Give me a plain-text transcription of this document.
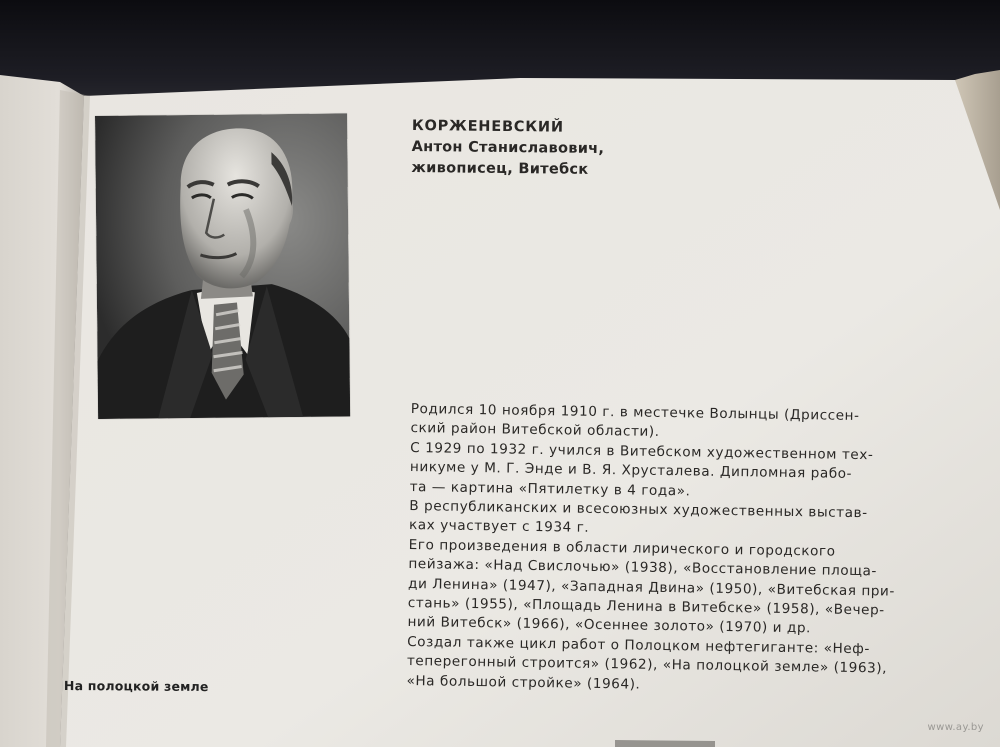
КОРЖЕНЕВСКИЙ
Антон Станиславович,
живописец, Витебск
Родился 10 ноября 1910 г. в местечке Волынцы (Дриссен-
ский район Витебской области).
С 1929 по 1932 г. учился в Витебском художественном тех-
никуме у М. Г. Энде и В. Я. Хрусталева. Дипломная рабо-
та — картина «Пятилетку в 4 года».
В республиканских и всесоюзных художественных выстав-
ках участвует с 1934 г.
Его произведения в области лирического и городского
пейзажа: «Над Свислочью» (1938), «Восстановление площа-
ди Ленина» (1947), «Западная Двина» (1950), «Витебская при-
стань» (1955), «Площадь Ленина в Витебске» (1958), «Вечер-
ний Витебск» (1966), «Осеннее золото» (1970) и др.
Создал также цикл работ о Полоцком нефтегиганте: «Неф-
теперегонный строится» (1962), «На полоцкой земле» (1963),
«На большой стройке» (1964).
На полоцкой земле
www.ay.by
